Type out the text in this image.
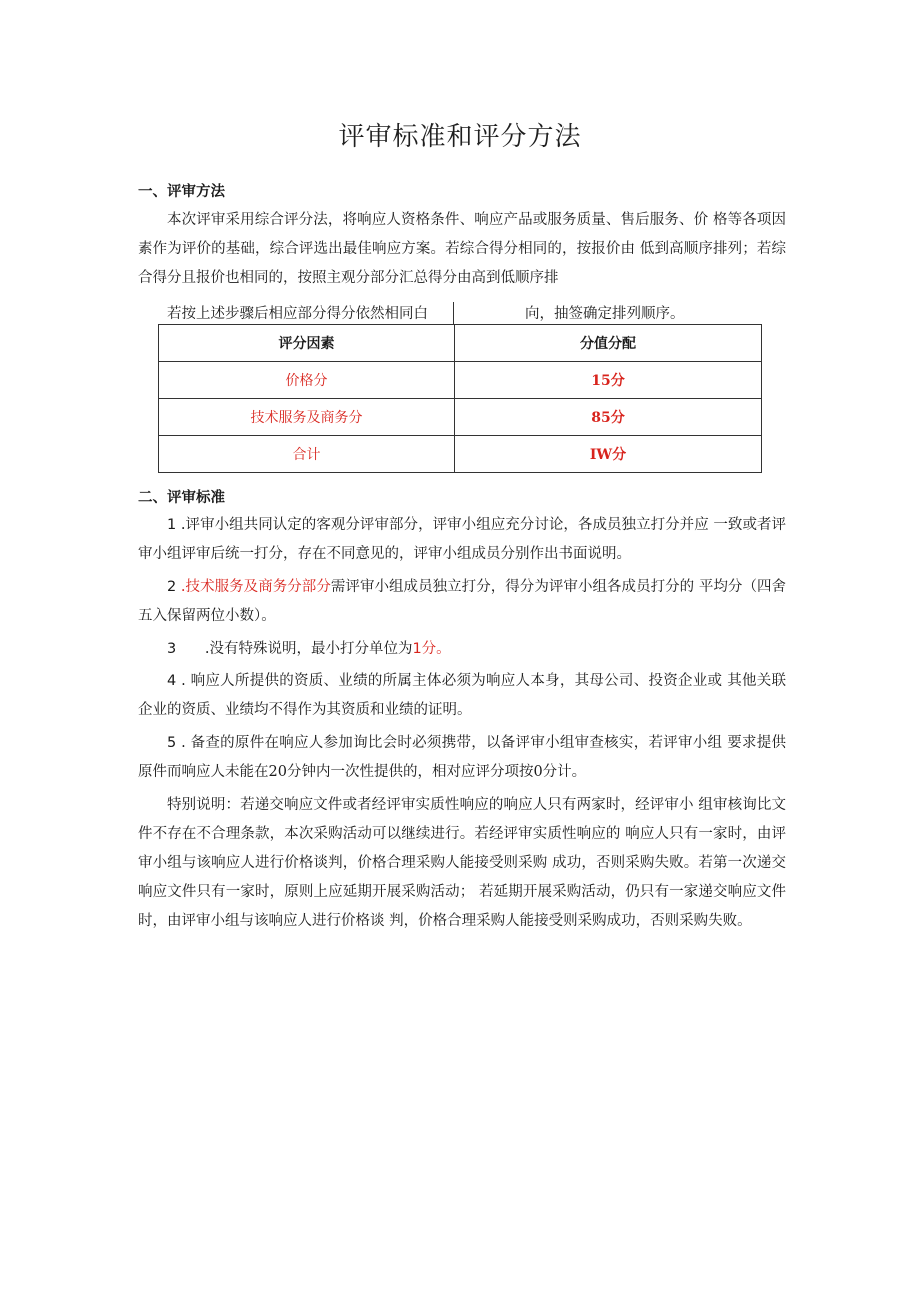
评审标准和评分方法
一、评审方法
本次评审采用综合评分法，将响应人资格条件、响应产品或服务质量、售后服务、价 格等各项因素作为评价的基础，综合评选出最佳响应方案。若综合得分相同的，按报价由 低到高顺序排列；若综合得分且报价也相同的，按照主观分部分汇总得分由高到低顺序排
若按上述步骤后相应部分得分依然相同白	向，抽签确定排列顺序。
评分因素	分值分配
价格分	15分
技术服务及商务分	85分
合计	IW分
二、评审标准
1 .评审小组共同认定的客观分评审部分，评审小组应充分讨论，各成员独立打分并应 一致或者评审小组评审后统一打分，存在不同意见的，评审小组成员分别作出书面说明。
2 .技术服务及商务分部分需评审小组成员独立打分，得分为评审小组各成员打分的 平均分（四舍五入保留两位小数）。
3 .没有特殊说明，最小打分单位为1分。
4 . 响应人所提供的资质、业绩的所属主体必须为响应人本身，其母公司、投资企业或 其他关联企业的资质、业绩均不得作为其资质和业绩的证明。
5 . 备查的原件在响应人参加询比会时必须携带，以备评审小组审查核实，若评审小组 要求提供原件而响应人未能在20分钟内一次性提供的，相对应评分项按0分计。
特别说明：若递交响应文件或者经评审实质性响应的响应人只有两家时，经评审小 组审核询比文件不存在不合理条款，本次采购活动可以继续进行。若经评审实质性响应的 响应人只有一家时，由评审小组与该响应人进行价格谈判，价格合理采购人能接受则采购 成功，否则采购失败。若第一次递交响应文件只有一家时，原则上应延期开展采购活动； 若延期开展采购活动，仍只有一家递交响应文件时，由评审小组与该响应人进行价格谈 判，价格合理采购人能接受则采购成功，否则采购失败。
